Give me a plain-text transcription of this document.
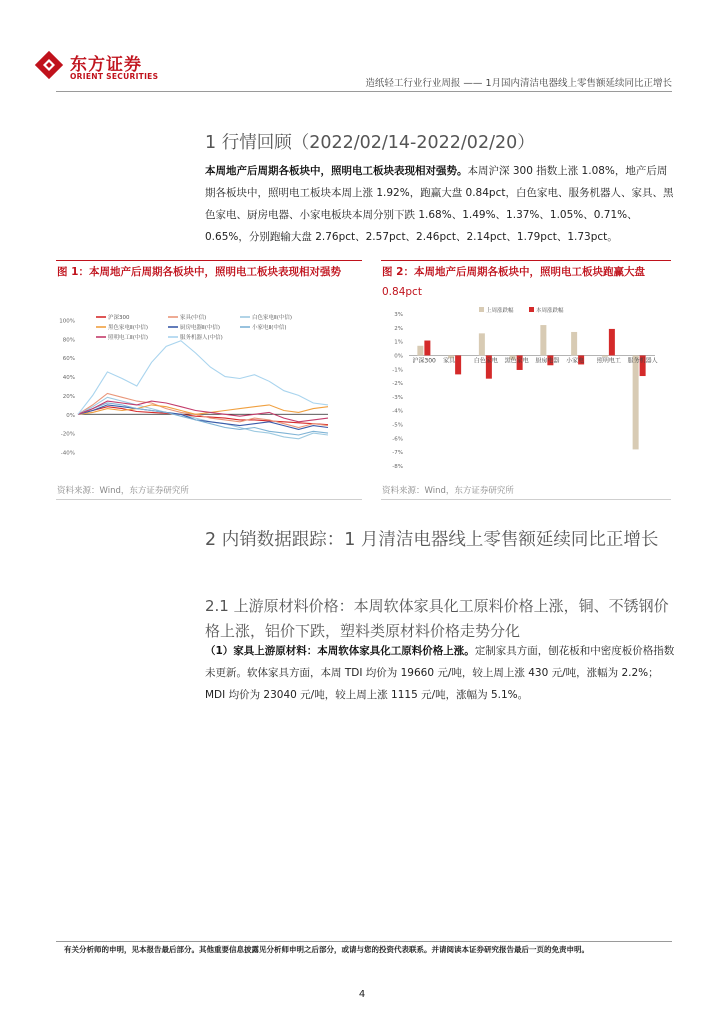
东方证券
ORIENT SECURITIES
造纸轻工行业行业周报 —— 1月国内清洁电器线上零售额延续同比正增长
1 行情回顾（2022/02/14-2022/02/20）
本周地产后周期各板块中，照明电工板块表现相对强势。本周沪深 300 指数上涨 1.08%，地产后周期各板块中，照明电工板块本周上涨 1.92%，跑赢大盘 0.84pct，白色家电、服务机器人、家具、黑色家电、厨房电器、小家电板块本周分别下跌 1.68%、1.49%、1.37%、1.05%、0.71%、0.65%，分别跑输大盘 2.76pct、2.57pct、2.46pct、2.14pct、1.79pct、1.73pct。
图 1：本周地产后周期各板块中，照明电工板块表现相对强势
100%
80%
60%
40%
20%
0%
-20%
-40%
沪深300	家具(中信)	白色家电Ⅱ(中信)
黑色家电Ⅱ(中信)	厨房电器Ⅱ(中信)	小家电Ⅱ(中信)
照明电工Ⅱ(中信)	服务机器人(中信)
资料来源：Wind，东方证券研究所
图 2：本周地产后周期各板块中，照明电工板块跑赢大盘
0.84pct
上周涨跌幅	本周涨跌幅
3%
2%
1%
0%
-1%
-2%
-3%
-4%
-5%
-6%
-7%
-8%
沪深300 家具	白色家电 黑色家电 厨房电器 小家电 照明电工 服务机器人
资料来源：Wind，东方证券研究所
2 内销数据跟踪：1 月清洁电器线上零售额延续同比正增长
2.1 上游原材料价格：本周软体家具化工原料价格上涨，铜、不锈钢价格上涨，铝价下跌，塑料类原材料价格走势分化
（1）家具上游原材料：本周软体家具化工原料价格上涨。定制家具方面，刨花板和中密度板价格指数未更新。软体家具方面，本周 TDI 均价为 19660 元/吨，较上周上涨 430 元/吨，涨幅为 2.2%；MDI 均价为 23040 元/吨，较上周上涨 1115 元/吨，涨幅为 5.1%。
有关分析师的申明，见本报告最后部分。其他重要信息披露见分析师申明之后部分，或请与您的投资代表联系。并请阅读本证券研究报告最后一页的免责申明。
4
